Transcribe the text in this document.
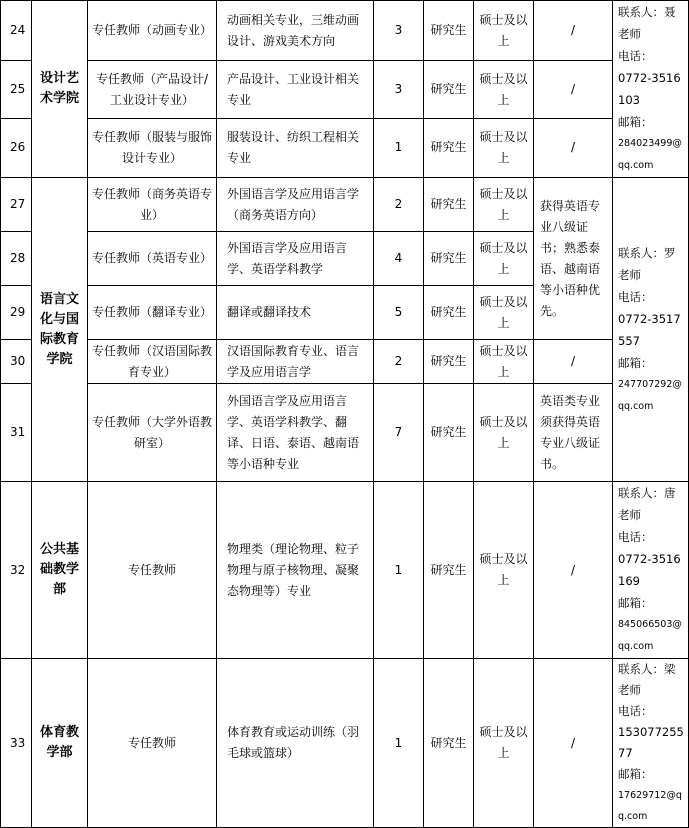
24	设计艺术学院	专任教师（动画专业）	动画相关专业，三维动画设计、游戏美术方向	3	研究生	硕士及以上	/	联系人：聂老师
电话：
0772-3516103
邮箱：
284023499@qq.com

25		专任教师（产品设计/工业设计专业）	产品设计、工业设计相关专业	3	研究生	硕士及以上	/	
26		专任教师（服装与服饰设计专业）	服装设计、纺织工程相关专业	1	研究生	硕士及以上	/	
27	语言文化与国际教育学院	专任教师（商务英语专业）	外国语言学及应用语言学（商务英语方向）	2	研究生	硕士及以上	获得英语专业八级证书；熟悉泰语、越南语等小语种优先。	联系人：罗老师
电话：
0772-3517557
邮箱：
247707292@qq.com

28		专任教师（英语专业）	外国语言学及应用语言学、英语学科教学	4	研究生	硕士及以上		
29		专任教师（翻译专业）	翻译或翻译技术	5	研究生	硕士及以上		
30		专任教师（汉语国际教育专业）	汉语国际教育专业、语言学及应用语言学	2	研究生	硕士及以上	/	
31		专任教师（大学外语教研室）	外国语言学及应用语言学、英语学科教学、翻译、日语、泰语、越南语等小语种专业	7	研究生	硕士及以上	英语类专业须获得英语专业八级证书。	
32	公共基础教学部	专任教师	物理类（理论物理、粒子物理与原子核物理、凝聚态物理等）专业	1	研究生	硕士及以上	/	联系人：唐老师
电话：
0772-3516169
邮箱：
845066503@qq.com

33	体育教学部	专任教师	体育教育或运动训练（羽毛球或篮球）	1	研究生	硕士及以上	/	联系人：梁老师
电话：
15307725577
邮箱：
17629712@qq.com
